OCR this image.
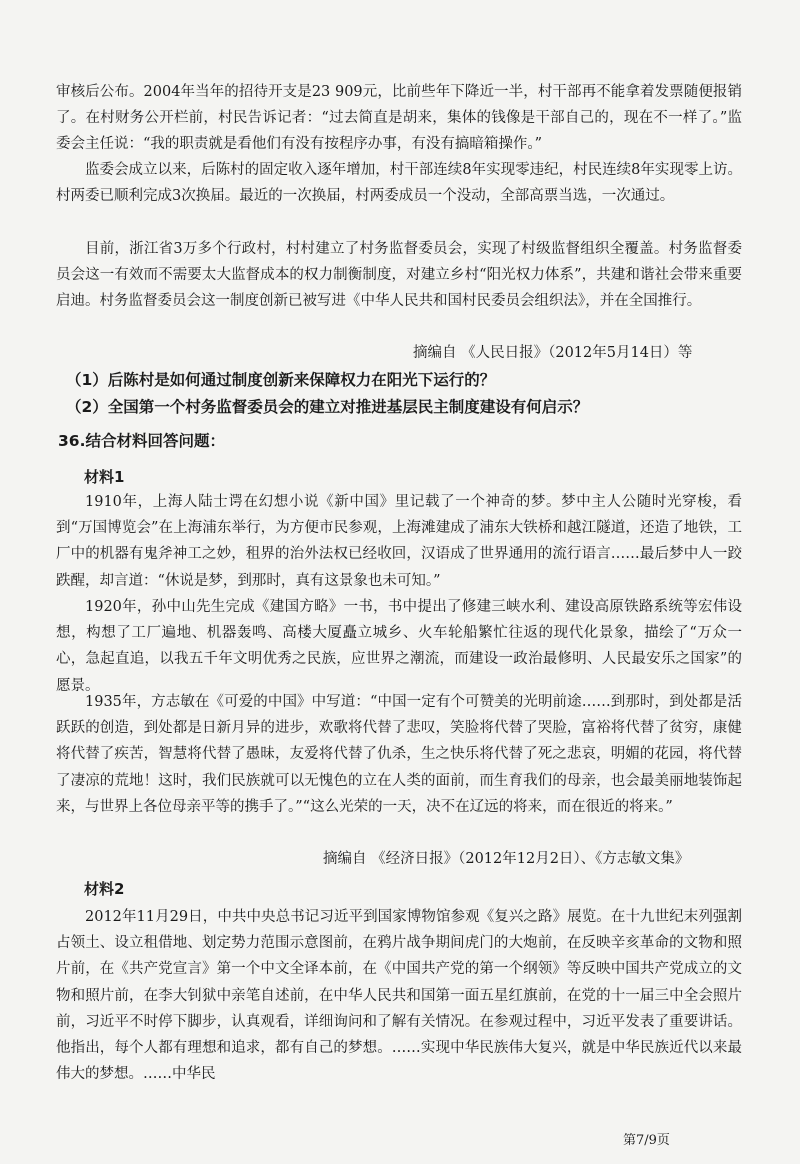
审核后公布。2004年当年的招待开支是23 909元，比前些年下降近一半，村干部再不能拿着发票随便报销了。在村财务公开栏前，村民告诉记者：“过去简直是胡来，集体的钱像是干部自己的，现在不一样了。”监委会主任说：“我的职责就是看他们有没有按程序办事，有没有搞暗箱操作。”
监委会成立以来，后陈村的固定收入逐年增加，村干部连续8年实现零违纪，村民连续8年实现零上访。村两委已顺利完成3次换届。最近的一次换届，村两委成员一个没动，全部高票当选，一次通过。
目前，浙江省3万多个行政村，村村建立了村务监督委员会，实现了村级监督组织全覆盖。村务监督委员会这一有效而不需要太大监督成本的权力制衡制度，对建立乡村“阳光权力体系”，共建和谐社会带来重要启迪。村务监督委员会这一制度创新已被写进《中华人民共和国村民委员会组织法》，并在全国推行。
摘编自 《人民日报》（2012年5月14日）等
（1）后陈村是如何通过制度创新来保障权力在阳光下运行的？
（2）全国第一个村务监督委员会的建立对推进基层民主制度建设有何启示？
36.结合材料回答问题：
材料1
1910年，上海人陆士谔在幻想小说《新中国》里记载了一个神奇的梦。梦中主人公随时光穿梭，看到“万国博览会”在上海浦东举行，为方便市民参观，上海滩建成了浦东大铁桥和越江隧道，还造了地铁，工厂中的机器有鬼斧神工之妙，租界的治外法权已经收回，汉语成了世界通用的流行语言……最后梦中人一跤跌醒，却言道：“休说是梦，到那时，真有这景象也未可知。”
1920年，孙中山先生完成《建国方略》一书，书中提出了修建三峡水利、建设高原铁路系统等宏伟设想，构想了工厂遍地、机器轰鸣、高楼大厦矗立城乡、火车轮船繁忙往返的现代化景象，描绘了“万众一心，急起直追，以我五千年文明优秀之民族，应世界之潮流，而建设一政治最修明、人民最安乐之国家”的愿景。
1935年，方志敏在《可爱的中国》中写道：“中国一定有个可赞美的光明前途……到那时，到处都是活跃跃的创造，到处都是日新月异的进步，欢歌将代替了悲叹，笑脸将代替了哭脸，富裕将代替了贫穷，康健将代替了疾苦，智慧将代替了愚昧，友爱将代替了仇杀，生之快乐将代替了死之悲哀，明媚的花园，将代替了凄凉的荒地！这时，我们民族就可以无愧色的立在人类的面前，而生育我们的母亲，也会最美丽地装饰起来，与世界上各位母亲平等的携手了。”“这么光荣的一天，决不在辽远的将来，而在很近的将来。”
摘编自 《经济日报》（2012年12月2日）、《方志敏文集》
材料2
2012年11月29日，中共中央总书记习近平到国家博物馆参观《复兴之路》展览。在十九世纪末列强割占领土、设立租借地、划定势力范围示意图前，在鸦片战争期间虎门的大炮前，在反映辛亥革命的文物和照片前，在《共产党宣言》第一个中文全译本前，在《中国共产党的第一个纲领》等反映中国共产党成立的文物和照片前，在李大钊狱中亲笔自述前，在中华人民共和国第一面五星红旗前，在党的十一届三中全会照片前，习近平不时停下脚步，认真观看，详细询问和了解有关情况。在参观过程中，习近平发表了重要讲话。他指出，每个人都有理想和追求，都有自己的梦想。……实现中华民族伟大复兴，就是中华民族近代以来最伟大的梦想。……中华民
第7/9页
